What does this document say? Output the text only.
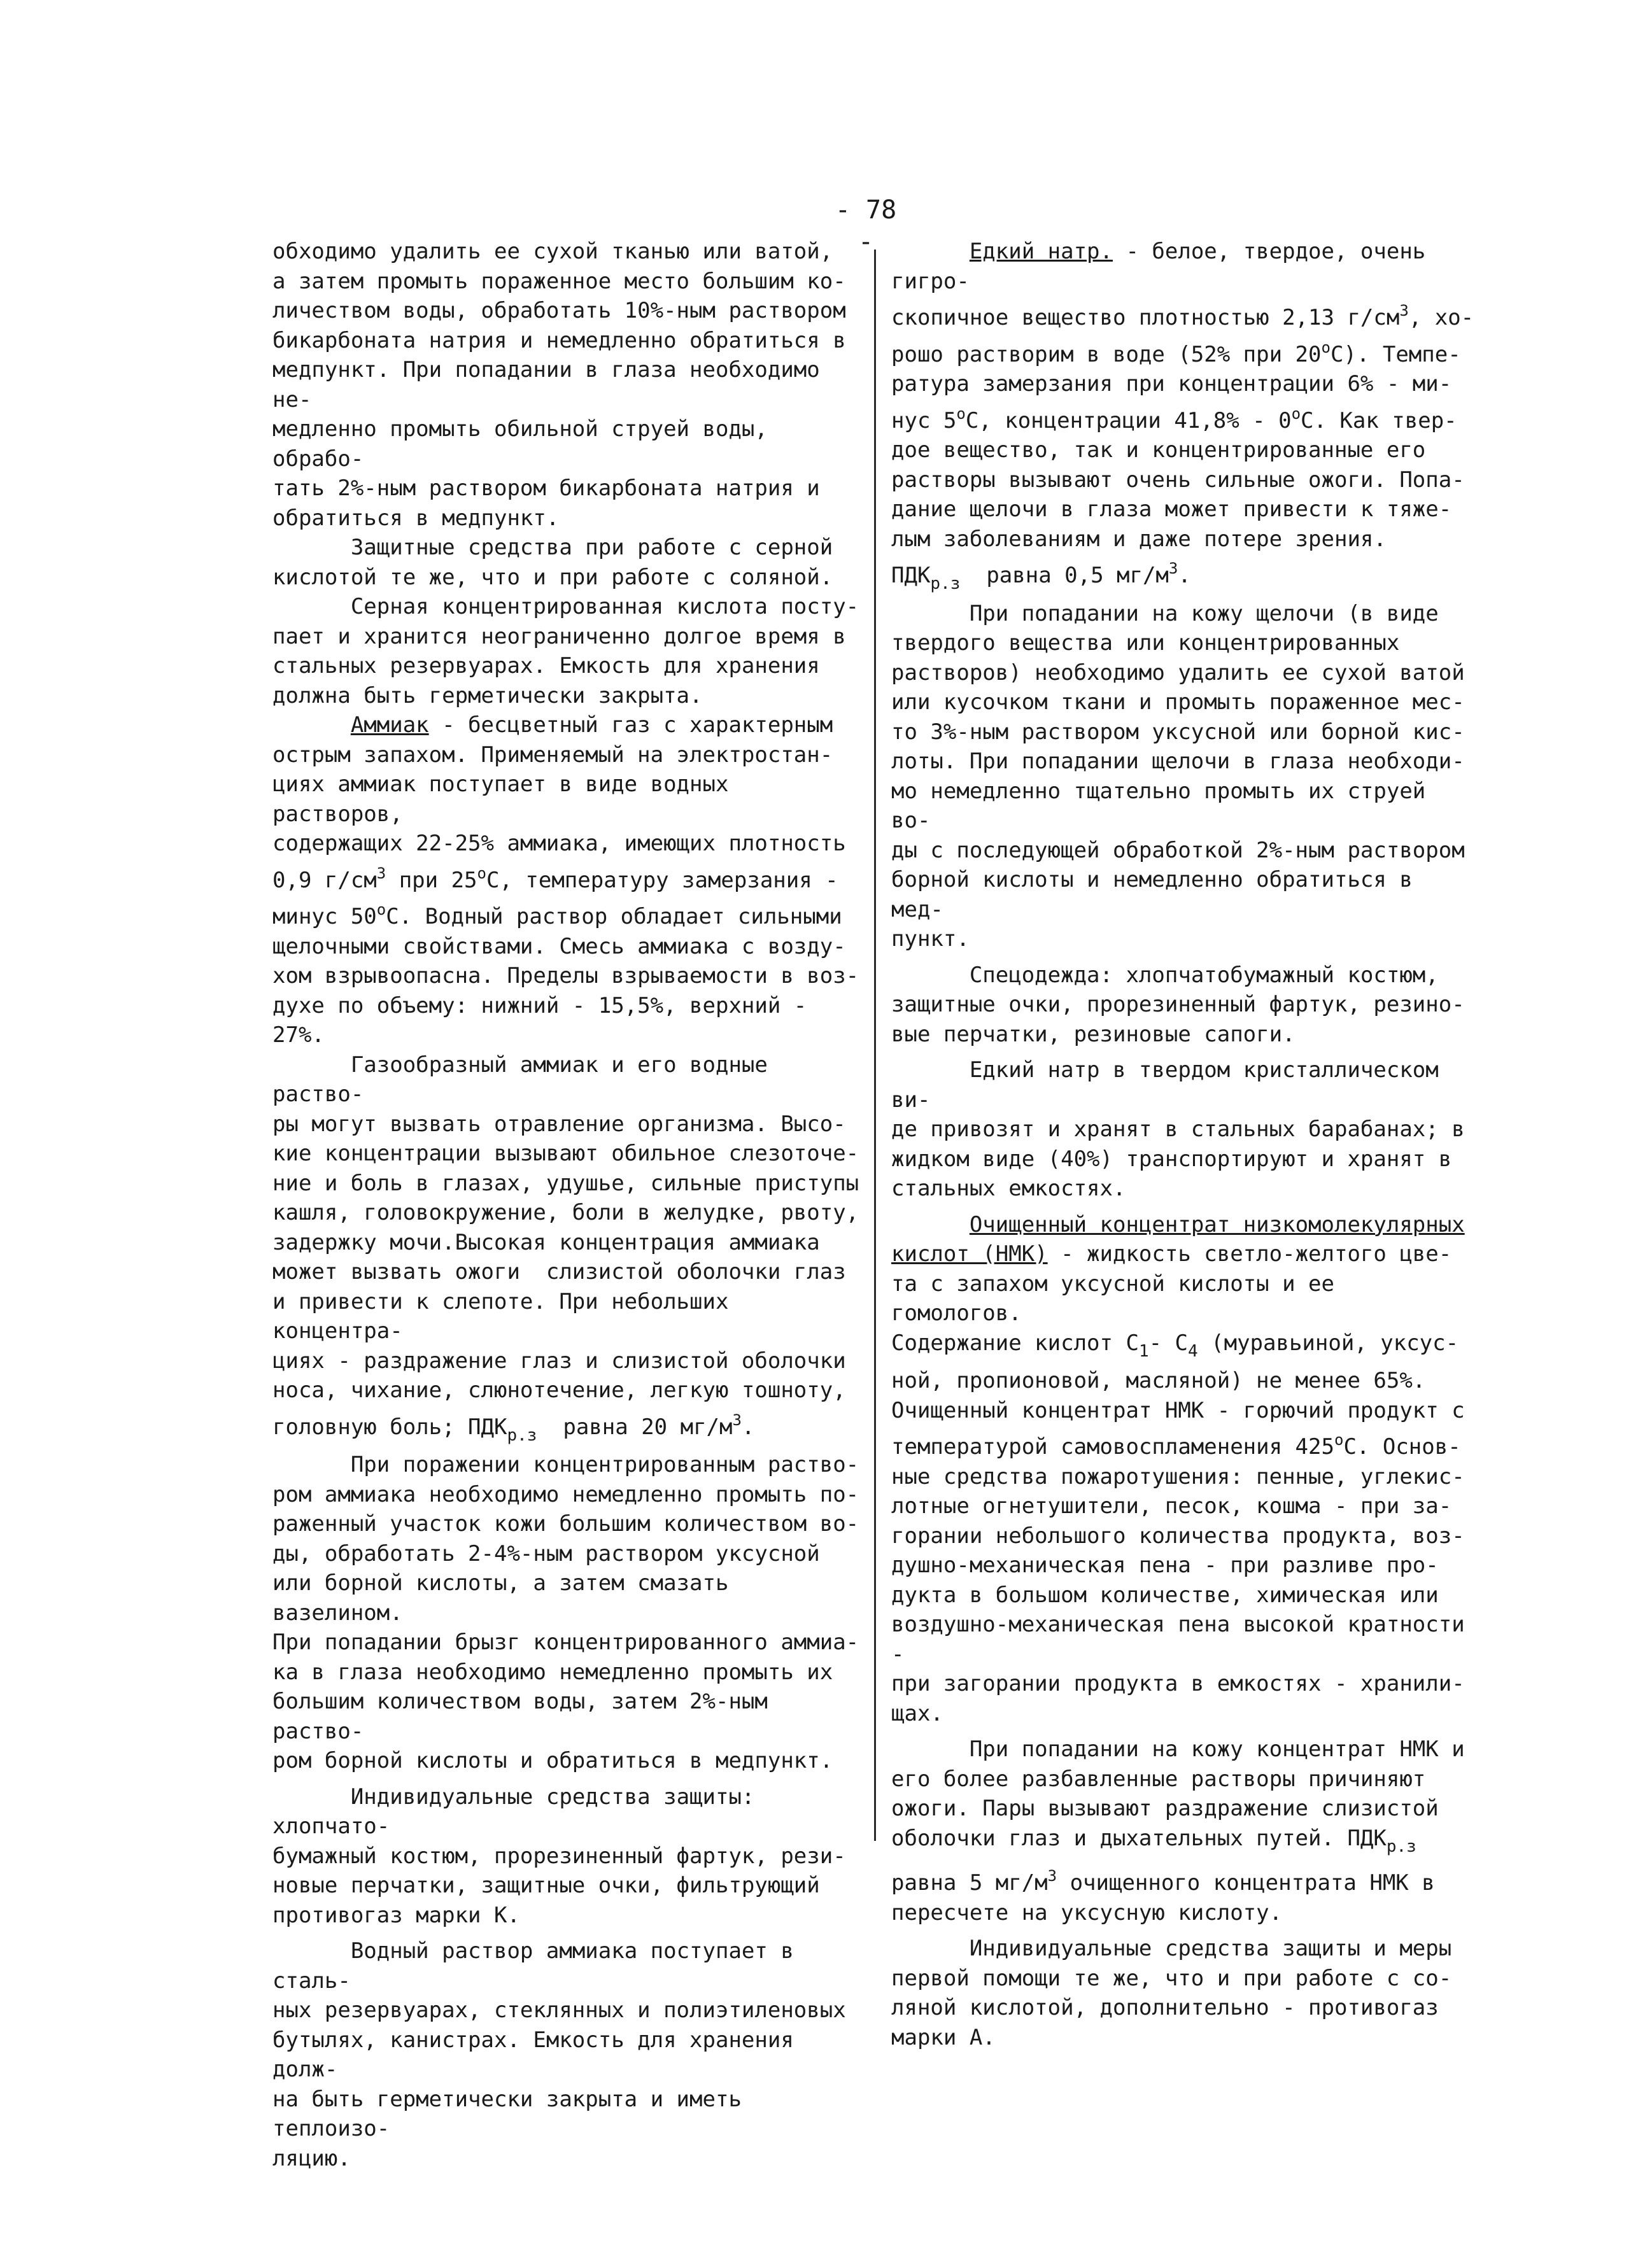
- 78 -
обходимо удалить ее сухой тканью или ватой,
а затем промыть пораженное место большим ко-
личеством воды, обработать 10%-ным раствором
бикарбоната натрия и немедленно обратиться в
медпункт. При попадании в глаза необходимо не-
медленно промыть обильной струей воды, обрабо-
тать 2%-ным раствором бикарбоната натрия и
обратиться в медпункт.
Защитные средства при работе с серной
кислотой те же, что и при работе с соляной.
Серная концентрированная кислота посту-
пает и хранится неограниченно долгое время в
стальных резервуарах. Емкость для хранения
должна быть герметически закрыта.
Аммиак - бесцветный газ с характерным
острым запахом. Применяемый на электростан-
циях аммиак поступает в виде водных растворов,
содержащих 22-25% аммиака, имеющих плотность
0,9 $г/см^3$ при 25$^o$С, температуру замерзания -
минус 50$^o$С. Водный раствор обладает сильными
щелочными свойствами. Смесь аммиака с возду-
хом взрывоопасна. Пределы взрываемости в воз-
духе по объему: нижний - 15,5%, верхний - 27%.
Газообразный аммиак и его водные раство-
ры могут вызвать отравление организма. Высо-
кие концентрации вызывают обильное слезоточе-
ние и боль в глазах, удушье, сильные приступы
кашля, головокружение, боли в желудке, рвоту,
задержку мочи.Высокая концентрация аммиака
может вызвать ожоги  слизистой оболочки глаз
и привести к слепоте. При небольших концентра-
циях - раздражение глаз и слизистой оболочки
носа, чихание, слюнотечение, легкую тошноту,
головную боль; $ПДК_{р.з}$  равна 20 $мг/м^3$.
При поражении концентрированным раство-
ром аммиака необходимо немедленно промыть по-
раженный участок кожи большим количеством во-
ды, обработать 2-4%-ным раствором уксусной
или борной кислоты, а затем смазать вазелином.
При попадании брызг концентрированного аммиа-
ка в глаза необходимо немедленно промыть их
большим количеством воды, затем 2%-ным раство-
ром борной кислоты и обратиться в медпункт.
Индивидуальные средства защиты: хлопчато-
бумажный костюм, прорезиненный фартук, рези-
новые перчатки, защитные очки, фильтрующий
противогаз марки К.
Водный раствор аммиака поступает в сталь-
ных резервуарах, стеклянных и полиэтиленовых
бутылях, канистрах. Емкость для хранения долж-
на быть герметически закрыта и иметь теплоизо-
ляцию.
Едкий натр. - белое, твердое, очень гигро-
скопичное вещество плотностью 2,13 $г/см^3$, хо-
рошо растворим в воде (52% при 20$^o$С). Темпе-
ратура замерзания при концентрации 6% - ми-
нус 5$^o$С, концентрации 41,8% - 0$^o$С. Как твер-
дое вещество, так и концентрированные его
растворы вызывают очень сильные ожоги. Попа-
дание щелочи в глаза может привести к тяже-
лым заболеваниям и даже потере зрения.
$ПДК_{р.з}$  равна 0,5 $мг/м^3$.
При попадании на кожу щелочи (в виде
твердого вещества или концентрированных
растворов) необходимо удалить ее сухой ватой
или кусочком ткани и промыть пораженное мес-
то 3%-ным раствором уксусной или борной кис-
лоты. При попадании щелочи в глаза необходи-
мо немедленно тщательно промыть их струей во-
ды с последующей обработкой 2%-ным раствором
борной кислоты и немедленно обратиться в мед-
пункт.
Спецодежда: хлопчатобумажный костюм,
защитные очки, прорезиненный фартук, резино-
вые перчатки, резиновые сапоги.
Едкий натр в твердом кристаллическом ви-
де привозят и хранят в стальных барабанах; в
жидком виде (40%) транспортируют и хранят в
стальных емкостях.
Очищенный концентрат низкомолекулярных
кислот (НМК) - жидкость светло-желтого цве-
та с запахом уксусной кислоты и ее гомологов.
Содержание кислот $C_1-$ $C_4$ (муравьиной, уксус-
ной, пропионовой, масляной) не менее 65%.
Очищенный концентрат НМК - горючий продукт с
температурой самовоспламенения 425$^o$С. Основ-
ные средства пожаротушения: пенные, углекис-
лотные огнетушители, песок, кошма - при за-
горании небольшого количества продукта, воз-
душно-механическая пена - при разливе про-
дукта в большом количестве, химическая или
воздушно-механическая пена высокой кратности -
при загорании продукта в емкостях - хранили-
щах.
При попадании на кожу концентрат НМК и
его более разбавленные растворы причиняют
ожоги. Пары вызывают раздражение слизистой
оболочки глаз и дыхательных путей. $ПДК_{р.з}$
равна 5 $мг/м^3$ очищенного концентрата НМК в
пересчете на уксусную кислоту.
Индивидуальные средства защиты и меры
первой помощи те же, что и при работе с со-
ляной кислотой, дополнительно - противогаз
марки А.
